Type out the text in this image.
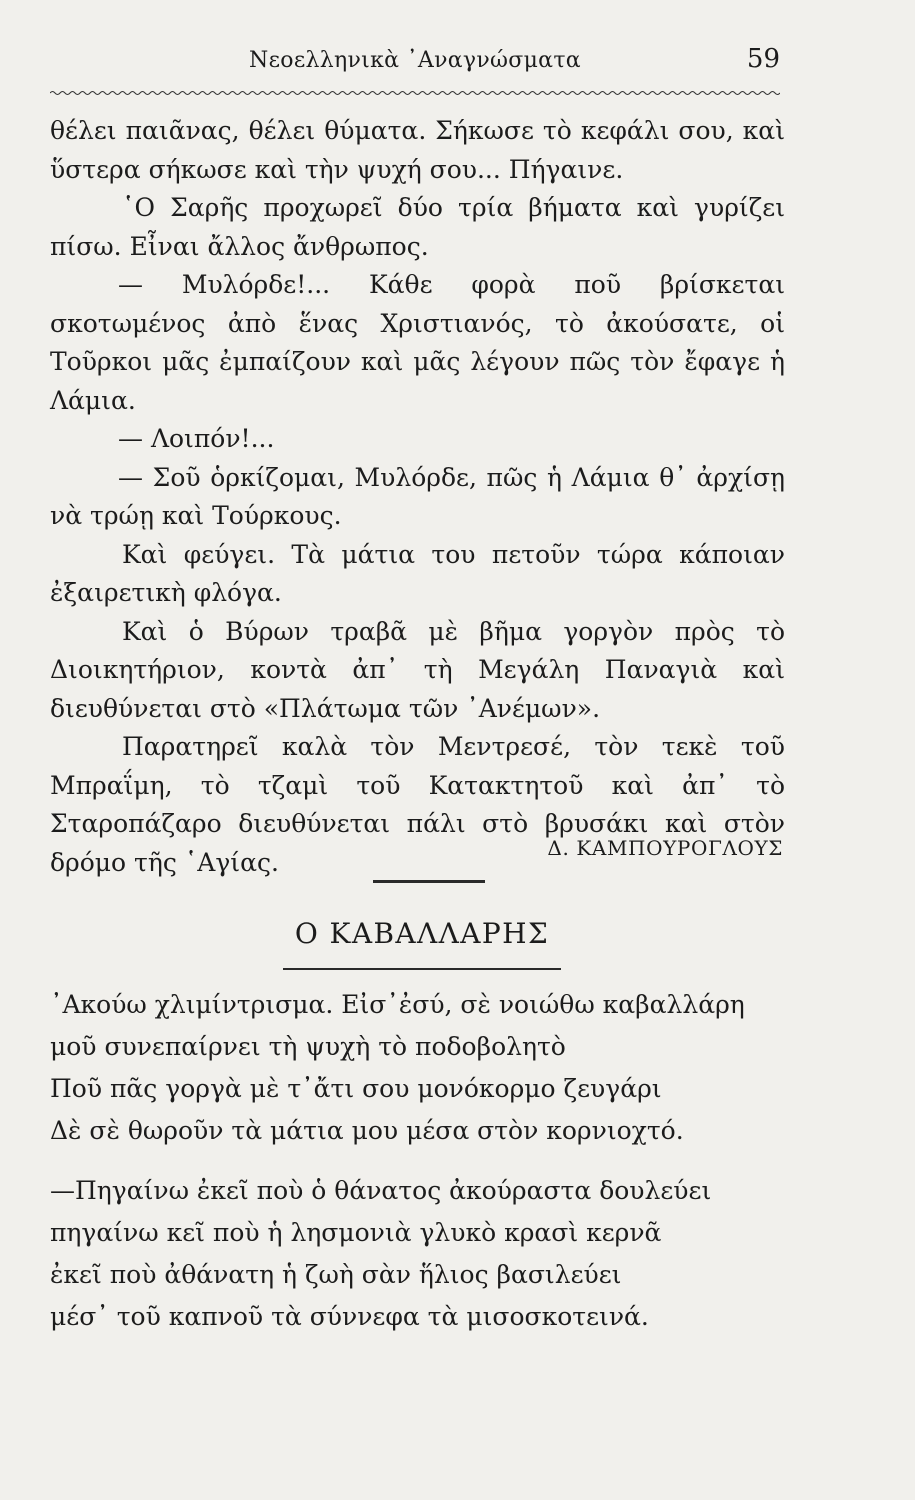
Νεοελληνικὰ ᾿Αναγνώσματα	59

θέλει παιᾶνας, θέλει θύματα. Σήκωσε τὸ κεφάλι σου, καὶ ὕστερα σήκωσε καὶ τὴν ψυχή σου... Πήγαινε.

῾Ο Σαρῆς προχωρεῖ δύο τρία βήματα καὶ γυρίζει πίσω. Εἶναι ἄλλος ἄνθρωπος.

— Μυλόρδε!... Κάθε φορὰ ποῦ βρίσκεται σκοτωμένος ἀπὸ ἕνας Χριστιανός, τὸ ἀκούσατε, οἱ Τοῦρκοι μᾶς ἐμπαίζουν καὶ μᾶς λέγουν πῶς τὸν ἔφαγε ἡ Λάμια.

— Λοιπόν!...

— Σοῦ ὁρκίζομαι, Μυλόρδε, πῶς ἡ Λάμια θ᾿ ἀρχίσῃ νὰ τρώῃ καὶ Τούρκους.

Καὶ φεύγει. Τὰ μάτια του πετοῦν τώρα κάποιαν ἐξαιρετικὴ φλόγα.

Καὶ ὁ Βύρων τραβᾶ μὲ βῆμα γοργὸν πρὸς τὸ Διοικητήριον, κοντὰ ἀπ᾿ τὴ Μεγάλη Παναγιὰ καὶ διευθύνεται στὸ «Πλάτωμα τῶν ᾿Ανέμων».

Παρατηρεῖ καλὰ τὸν Μεντρεσέ, τὸν τεκὲ τοῦ Μπραΐμη, τὸ τζαμὶ τοῦ Κατακτητοῦ καὶ ἀπ᾿ τὸ Σταροπάζαρο διευθύνεται πάλι στὸ βρυσάκι καὶ στὸν δρόμο τῆς ῾Αγίας.	Δ. ΚΑΜΠΟΥΡΟΓΛΟΥΣ
Ο ΚΑΒΑΛΛΑΡΗΣ
᾿Ακούω χλιμίντρισμα. Εἰσ᾿ἐσύ, σὲ νοιώθω καβαλλάρη
μοῦ συνεπαίρνει τὴ ψυχὴ τὸ ποδοβολητὸ
Ποῦ πᾶς γοργὰ μὲ τ᾿ἄτι σου μονόκορμο ζευγάρι
Δὲ σὲ θωροῦν τὰ μάτια μου μέσα στὸν κορνιοχτό.
—Πηγαίνω ἐκεῖ ποὺ ὁ θάνατος ἀκούραστα δουλεύει
πηγαίνω κεῖ ποὺ ἡ λησμονιὰ γλυκὸ κρασὶ κερνᾶ
ἐκεῖ ποὺ ἀθάνατη ἡ ζωὴ σὰν ἥλιος βασιλεύει
μέσ᾿ τοῦ καπνοῦ τὰ σύννεφα τὰ μισοσκοτεινά.
